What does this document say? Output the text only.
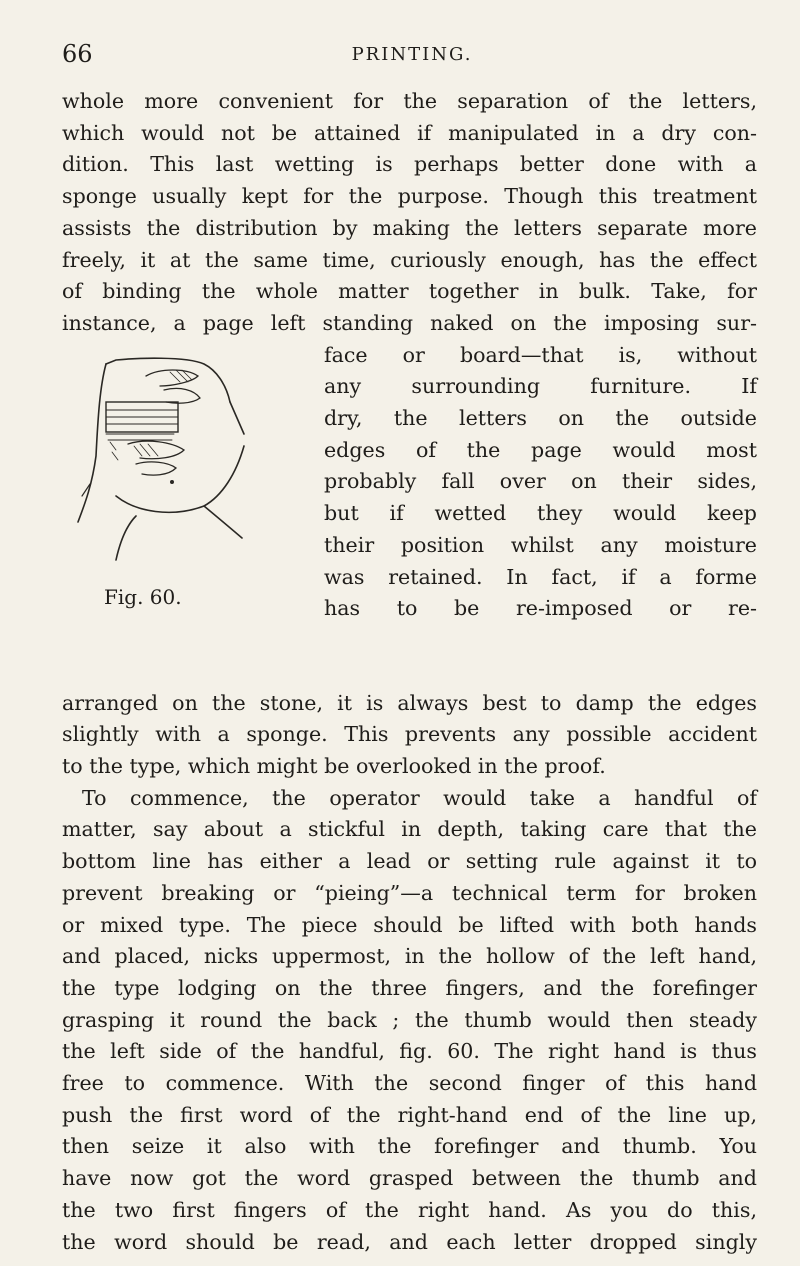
66	PRINTING.
whole more convenient for the separation of the letters,
which would not be attained if manipulated in a dry con-
dition. This last wetting is perhaps better done with a
sponge usually kept for the purpose. Though this treatment
assists the distribution by making the letters separate more
freely, it at the same time, curiously enough, has the effect
of binding the whole matter together in bulk. Take, for
instance, a page left standing naked on the imposing sur-
Fig. 60.
face or board—that is, without
any surrounding furniture. If
dry, the letters on the outside
edges of the page would most
probably fall over on their sides,
but if wetted they would keep
their position whilst any moisture
was retained. In fact, if a forme
has to be re-imposed or re-
arranged on the stone, it is always best to damp the edges
slightly with a sponge. This prevents any possible accident
to the type, which might be overlooked in the proof.
To commence, the operator would take a handful of
matter, say about a stickful in depth, taking care that the
bottom line has either a lead or setting rule against it to
prevent breaking or “pieing”—a technical term for broken
or mixed type. The piece should be lifted with both hands
and placed, nicks uppermost, in the hollow of the left hand,
the type lodging on the three fingers, and the forefinger
grasping it round the back ; the thumb would then steady
the left side of the handful, fig. 60. The right hand is thus
free to commence. With the second finger of this hand
push the first word of the right-hand end of the line up,
then seize it also with the forefinger and thumb. You
have now got the word grasped between the thumb and
the two first fingers of the right hand. As you do this,
the word should be read, and each letter dropped singly
